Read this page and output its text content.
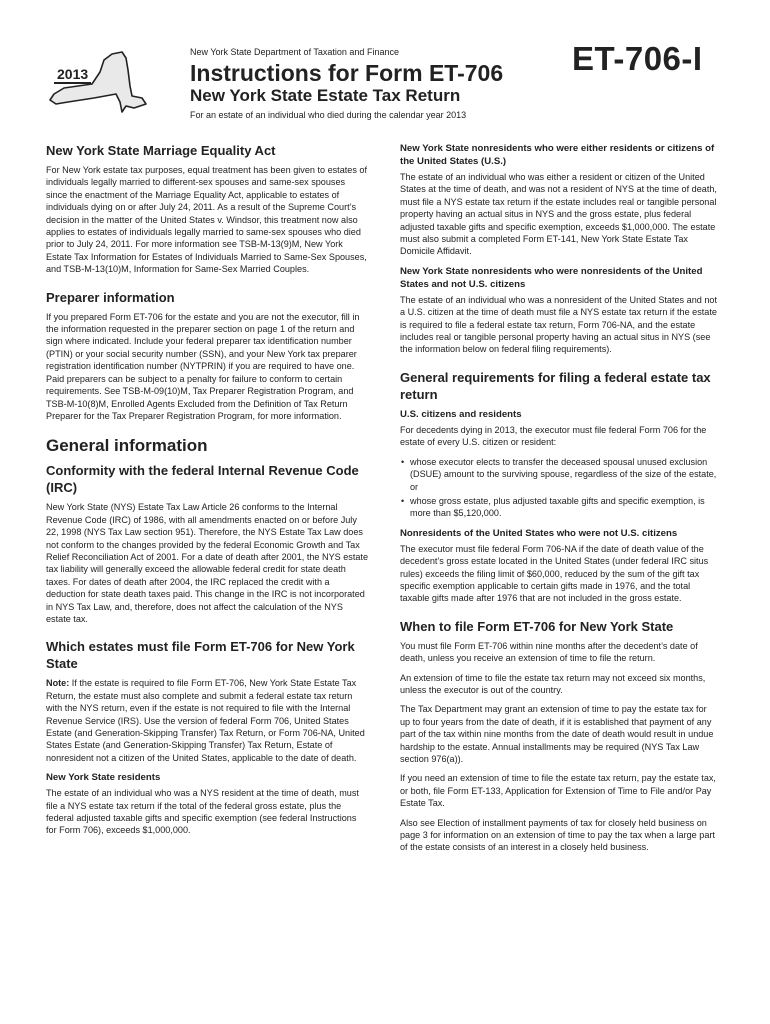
2013
New York State Department of Taxation and Finance
Instructions for Form ET-706
New York State Estate Tax Return
For an estate of an individual who died during the calendar year 2013
ET-706-I
New York State Marriage Equality Act

For New York estate tax purposes, equal treatment has been given to estates of individuals legally married to different-sex spouses and same-sex spouses since the enactment of the Marriage Equality Act, applicable to estates of individuals dying on or after July 24, 2011. As a result of the Supreme Court’s decision in the matter of the United States v. Windsor, this treatment now also applies to estates of individuals legally married to same-sex spouses who died prior to July 24, 2011. For more information see TSB-M-13(9)M, New York Estate Tax Information for Estates of Individuals Married to Same-Sex Spouses, and TSB-M-13(10)M, Information for Same-Sex Married Couples.

Preparer information

If you prepared Form ET-706 for the estate and you are not the executor, fill in the information requested in the preparer section on page 1 of the return and sign where indicated. Include your federal preparer tax identification number (PTIN) or your social security number (SSN), and your New York tax preparer registration identification number (NYTPRIN) if you are required to have one. Paid preparers can be subject to a penalty for failure to conform to certain requirements. See TSB-M-09(10)M, Tax Preparer Registration Program, and TSB-M-10(8)M, Enrolled Agents Excluded from the Definition of Tax Return Preparer for the Tax Preparer Registration Program, for more information.

General information
Conformity with the federal Internal Revenue Code (IRC)

New York State (NYS) Estate Tax Law Article 26 conforms to the Internal Revenue Code (IRC) of 1986, with all amendments enacted on or before July 22, 1998 (NYS Tax Law section 951). Therefore, the NYS Estate Tax Law does not conform to the changes provided by the federal Economic Growth and Tax Relief Reconciliation Act of 2001. For a date of death after 2001, the NYS estate tax liability will generally exceed the allowable federal credit for state death taxes. For dates of death after 2004, the IRC replaced the credit with a deduction for state death taxes paid. This change in the IRC is not incorporated in NYS Tax Law, and, therefore, does not affect the calculation of the NYS estate tax.

Which estates must file Form ET-706 for New York State

Note: If the estate is required to file Form ET-706, New York State Estate Tax Return, the estate must also complete and submit a federal estate tax return with the NYS return, even if the estate is not required to file with the Internal Revenue Service (IRS). Use the version of federal Form 706, United States Estate (and Generation-Skipping Transfer) Tax Return, or Form 706-NA, United States Estate (and Generation-Skipping Transfer) Tax Return, Estate of nonresident not a citizen of the United States, applicable to the date of death.

New York State residents

The estate of an individual who was a NYS resident at the time of death, must file a NYS estate tax return if the total of the federal gross estate, plus the federal adjusted taxable gifts and specific exemption (see federal Instructions for Form 706), exceeds $1,000,000.

New York State nonresidents who were either residents or citizens of the United States (U.S.)

The estate of an individual who was either a resident or citizen of the United States at the time of death, and was not a resident of NYS at the time of death, must file a NYS estate tax return if the estate includes real or tangible personal property having an actual situs in NYS and the gross estate, plus federal adjusted taxable gifts and specific exemption, exceeds $1,000,000. The estate must also submit a completed Form ET-141, New York State Estate Tax Domicile Affidavit.

New York State nonresidents who were nonresidents of the United States and not U.S. citizens

The estate of an individual who was a nonresident of the United States and not a U.S. citizen at the time of death must file a NYS estate tax return if the estate is required to file a federal estate tax return, Form 706-NA, and the estate includes real or tangible personal property having an actual situs in NYS (see the information below on federal filing requirements).

General requirements for filing a federal estate tax return
U.S. citizens and residents

For decedents dying in 2013, the executor must file federal Form 706 for the estate of every U.S. citizen or resident:

• whose executor elects to transfer the deceased spousal unused exclusion (DSUE) amount to the surviving spouse, regardless of the size of the estate, or
• whose gross estate, plus adjusted taxable gifts and specific exemption, is more than $5,120,000.
Nonresidents of the United States who were not U.S. citizens

The executor must file federal Form 706-NA if the date of death value of the decedent’s gross estate located in the United States (under federal IRC situs rules) exceeds the filing limit of $60,000, reduced by the sum of the gift tax specific exemption applicable to certain gifts made in 1976, and the total taxable gifts made after 1976 that are not included in the gross estate.

When to file Form ET-706 for New York State

You must file Form ET-706 within nine months after the decedent’s date of death, unless you receive an extension of time to file the return.

An extension of time to file the estate tax return may not exceed six months, unless the executor is out of the country.

The Tax Department may grant an extension of time to pay the estate tax for up to four years from the date of death, if it is established that payment of any part of the tax within nine months from the date of death would result in undue hardship to the estate. Annual installments may be required (NYS Tax Law section 976(a)).

If you need an extension of time to file the estate tax return, pay the estate tax, or both, file Form ET-133, Application for Extension of Time to File and/or Pay Estate Tax.

Also see Election of installment payments of tax for closely held business on page 3 for information on an extension of time to pay the tax when a large part of the estate consists of an interest in a closely held business.
